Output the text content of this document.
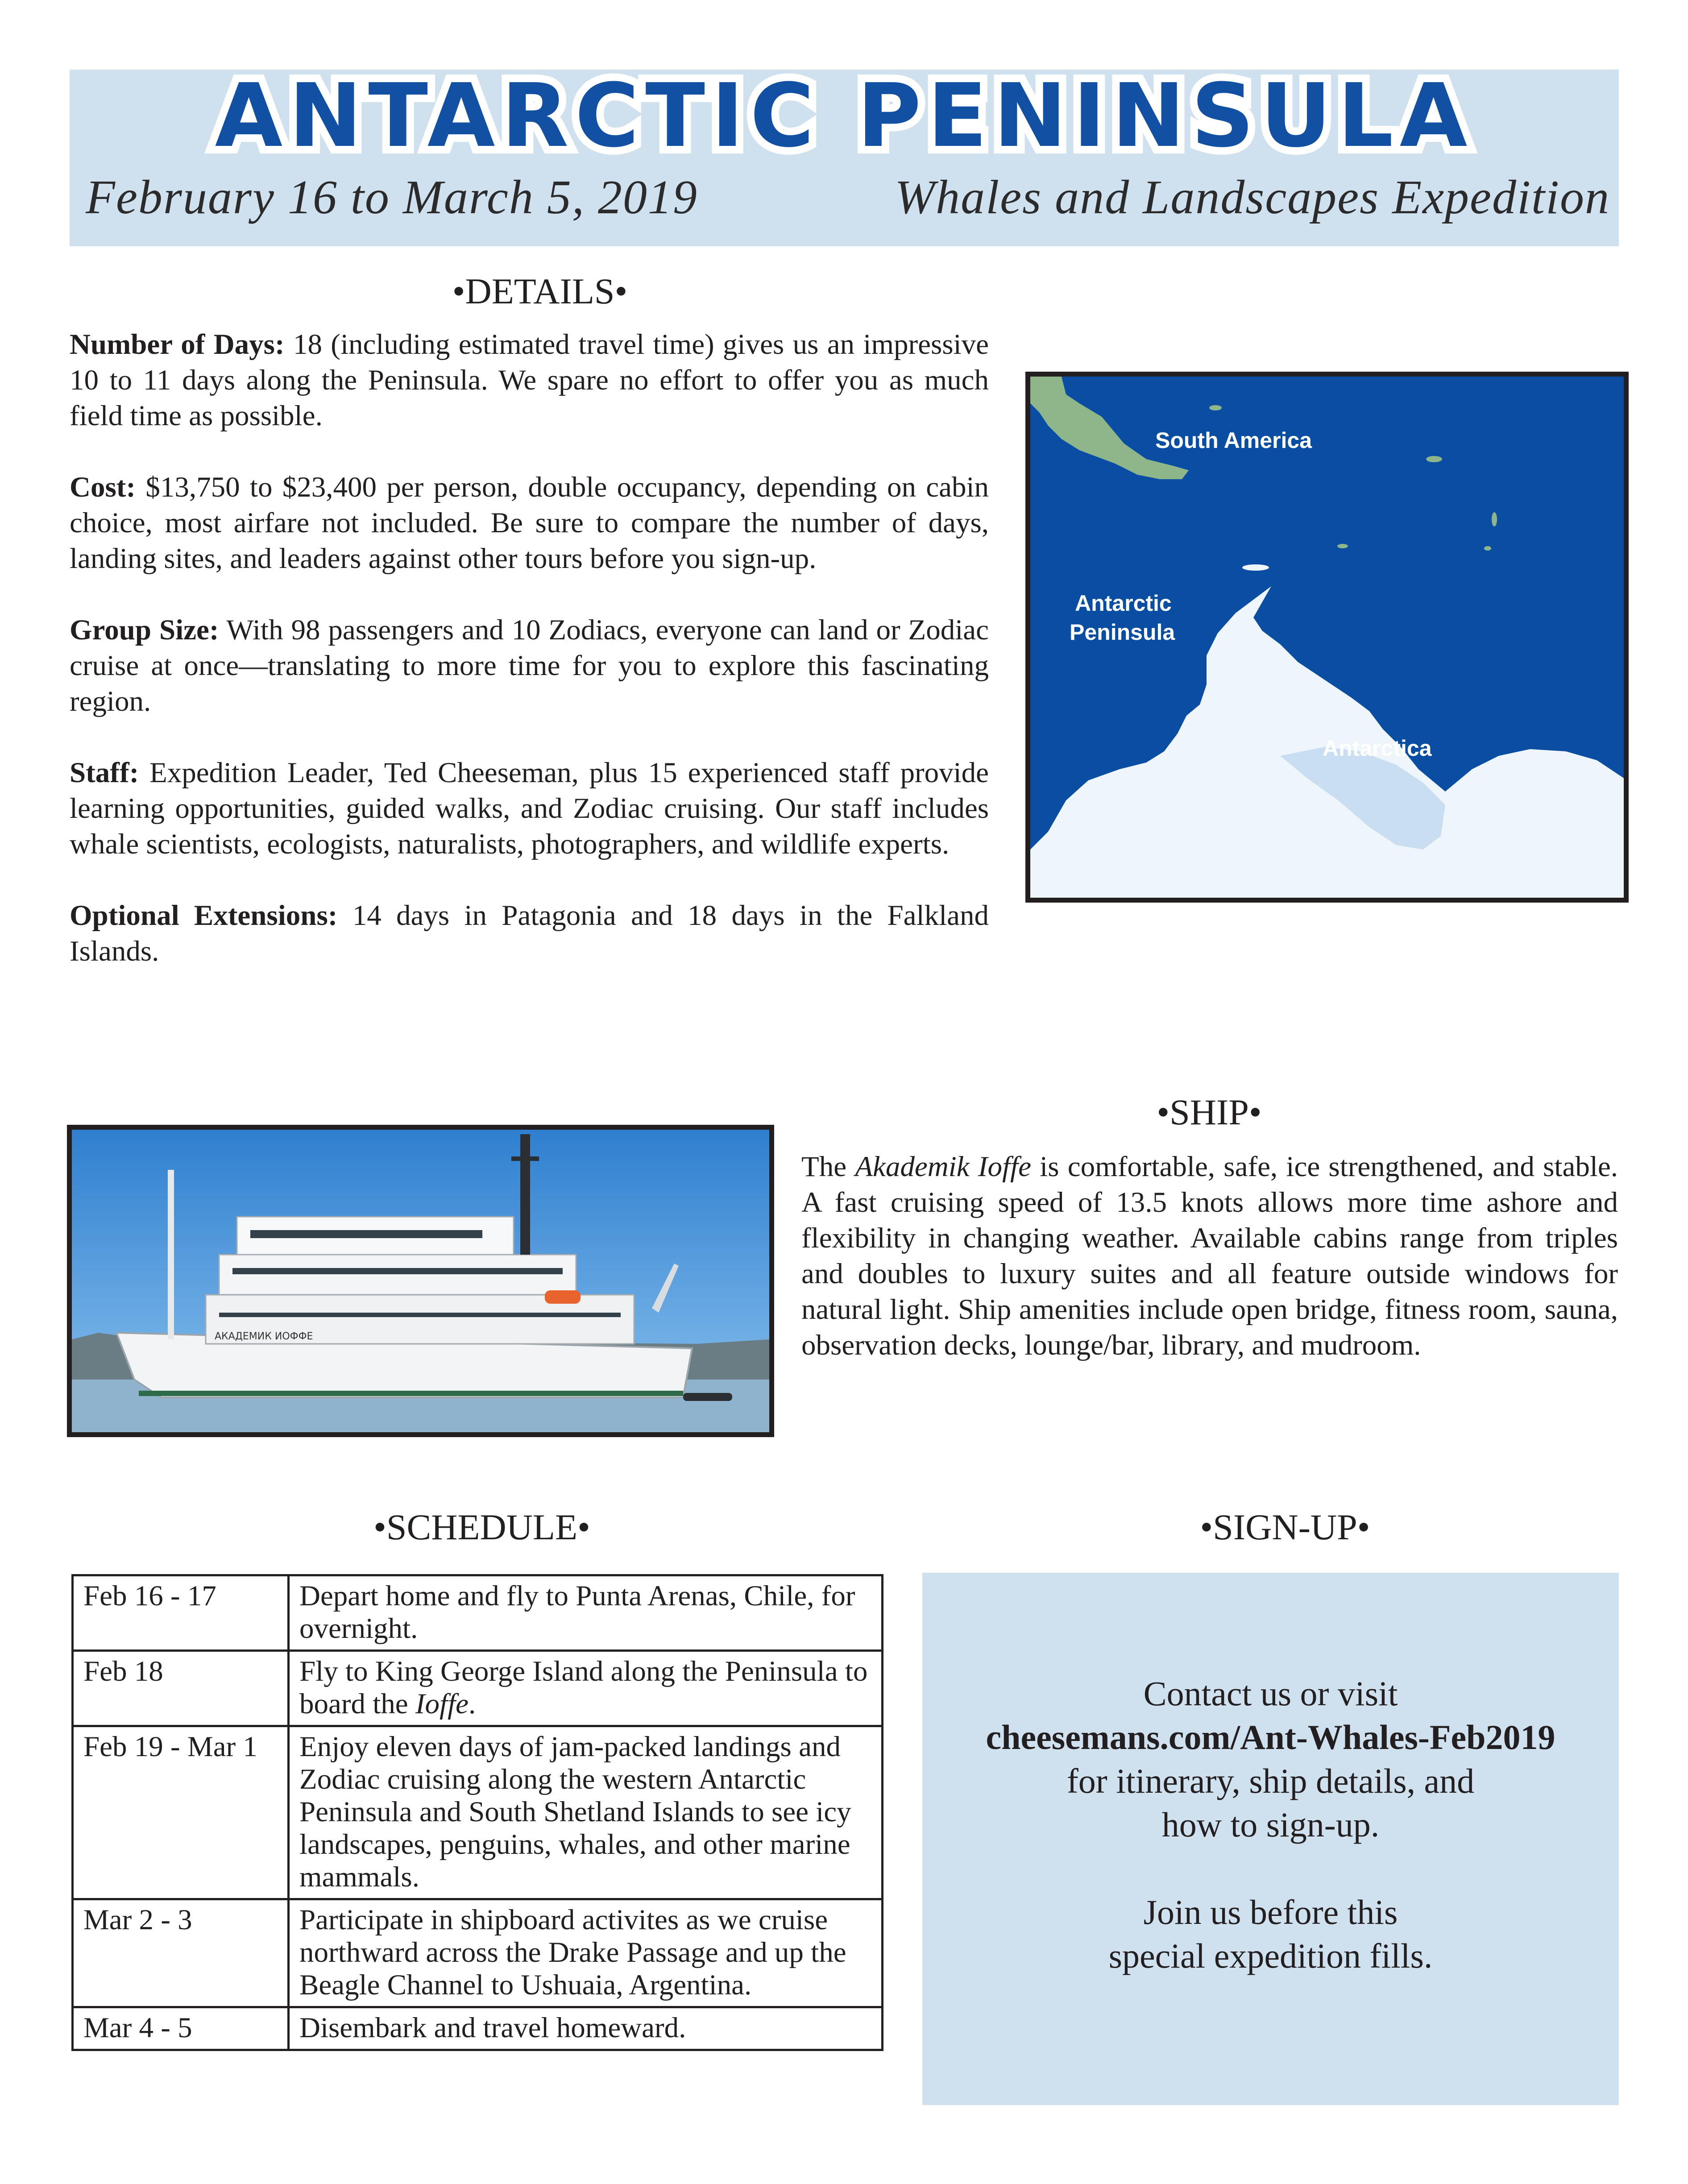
ANTARCTIC PENINSULA
February 16 to March 5, 2019	Whales and Landscapes Expedition
•DETAILS•

Number of Days: 18 (including estimated travel time) gives us an impressive 10 to 11 days along the Peninsula. We spare no effort to offer you as much field time as possible.

Cost: $13,750 to $23,400 per person, double occupancy, depending on cabin choice, most airfare not included. Be sure to compare the number of days, landing sites, and leaders against other tours before you sign-up.

Group Size: With 98 passengers and 10 Zodiacs, everyone can land or Zodiac cruise at once—translating to more time for you to explore this fascinating region.

Staff: Expedition Leader, Ted Cheeseman, plus 15 experienced staff provide learning opportunities, guided walks, and Zodiac cruising. Our staff includes whale scientists, ecologists, naturalists, photographers, and wildlife experts.

Optional Extensions: 14 days in Patagonia and 18 days in the Falkland Islands.

South America
Antarctic
Peninsula
Antarctica
АКАДЕМИК ИОФФЕ
•SHIP•
The Akademik Ioffe is comfortable, safe, ice strengthened, and stable. A fast cruising speed of 13.5 knots allows more time ashore and flexibility in changing weather. Available cabins range from triples and doubles to luxury suites and all feature outside windows for natural light. Ship amenities include open bridge, fitness room, sauna, observation decks, lounge/bar, library, and mudroom.
•SCHEDULE•
Feb 16 - 17	Depart home and fly to Punta Arenas, Chile, for overnight.
Feb 18	Fly to King George Island along the Peninsula to board the Ioffe.
Feb 19 - Mar 1	Enjoy eleven days of jam-packed landings and Zodiac cruising along the western Antarctic Peninsula and South Shetland Islands to see icy landscapes, penguins, whales, and other marine mammals.
Mar 2 - 3	Participate in shipboard activites as we cruise northward across the Drake Passage and up the Beagle Channel to Ushuaia, Argentina.
Mar 4 - 5	Disembark and travel homeward.
•SIGN-UP•
Contact us or visit
cheesemans.com/Ant-Whales-Feb2019
for itinerary, ship details, and
how to sign-up.
Join us before this
special expedition fills.
